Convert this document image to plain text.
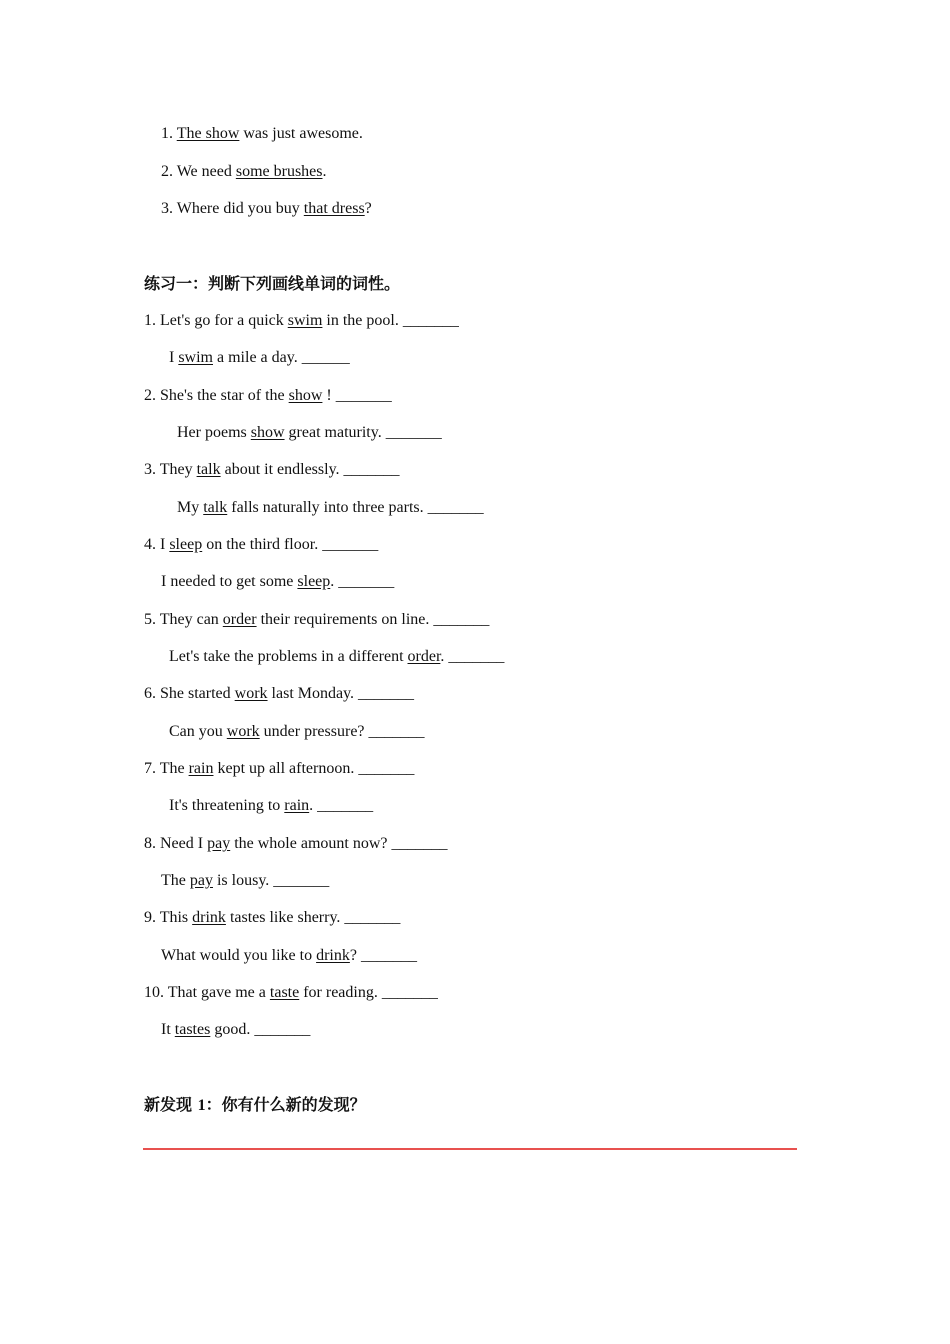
1. The show was just awesome.
2. We need some brushes.
3. Where did you buy that dress?
练习一：判断下列画线单词的词性。
1. Let's go for a quick swim in the pool. _______
I swim a mile a day. ______
2. She's the star of the show ! _______
Her poems show great maturity. _______
3. They talk about it endlessly. _______
My talk falls naturally into three parts. _______
4. I sleep on the third floor. _______
I needed to get some sleep. _______
5. They can order their requirements on line. _______
Let's take the problems in a different order. _______
6. She started work last Monday. _______
Can you work under pressure? _______
7. The rain kept up all afternoon. _______
It's threatening to rain. _______
8. Need I pay the whole amount now? _______
The pay is lousy. _______
9. This drink tastes like sherry. _______
What would you like to drink? _______
10. That gave me a taste for reading. _______
It tastes good. _______
新发现 1：你有什么新的发现？
